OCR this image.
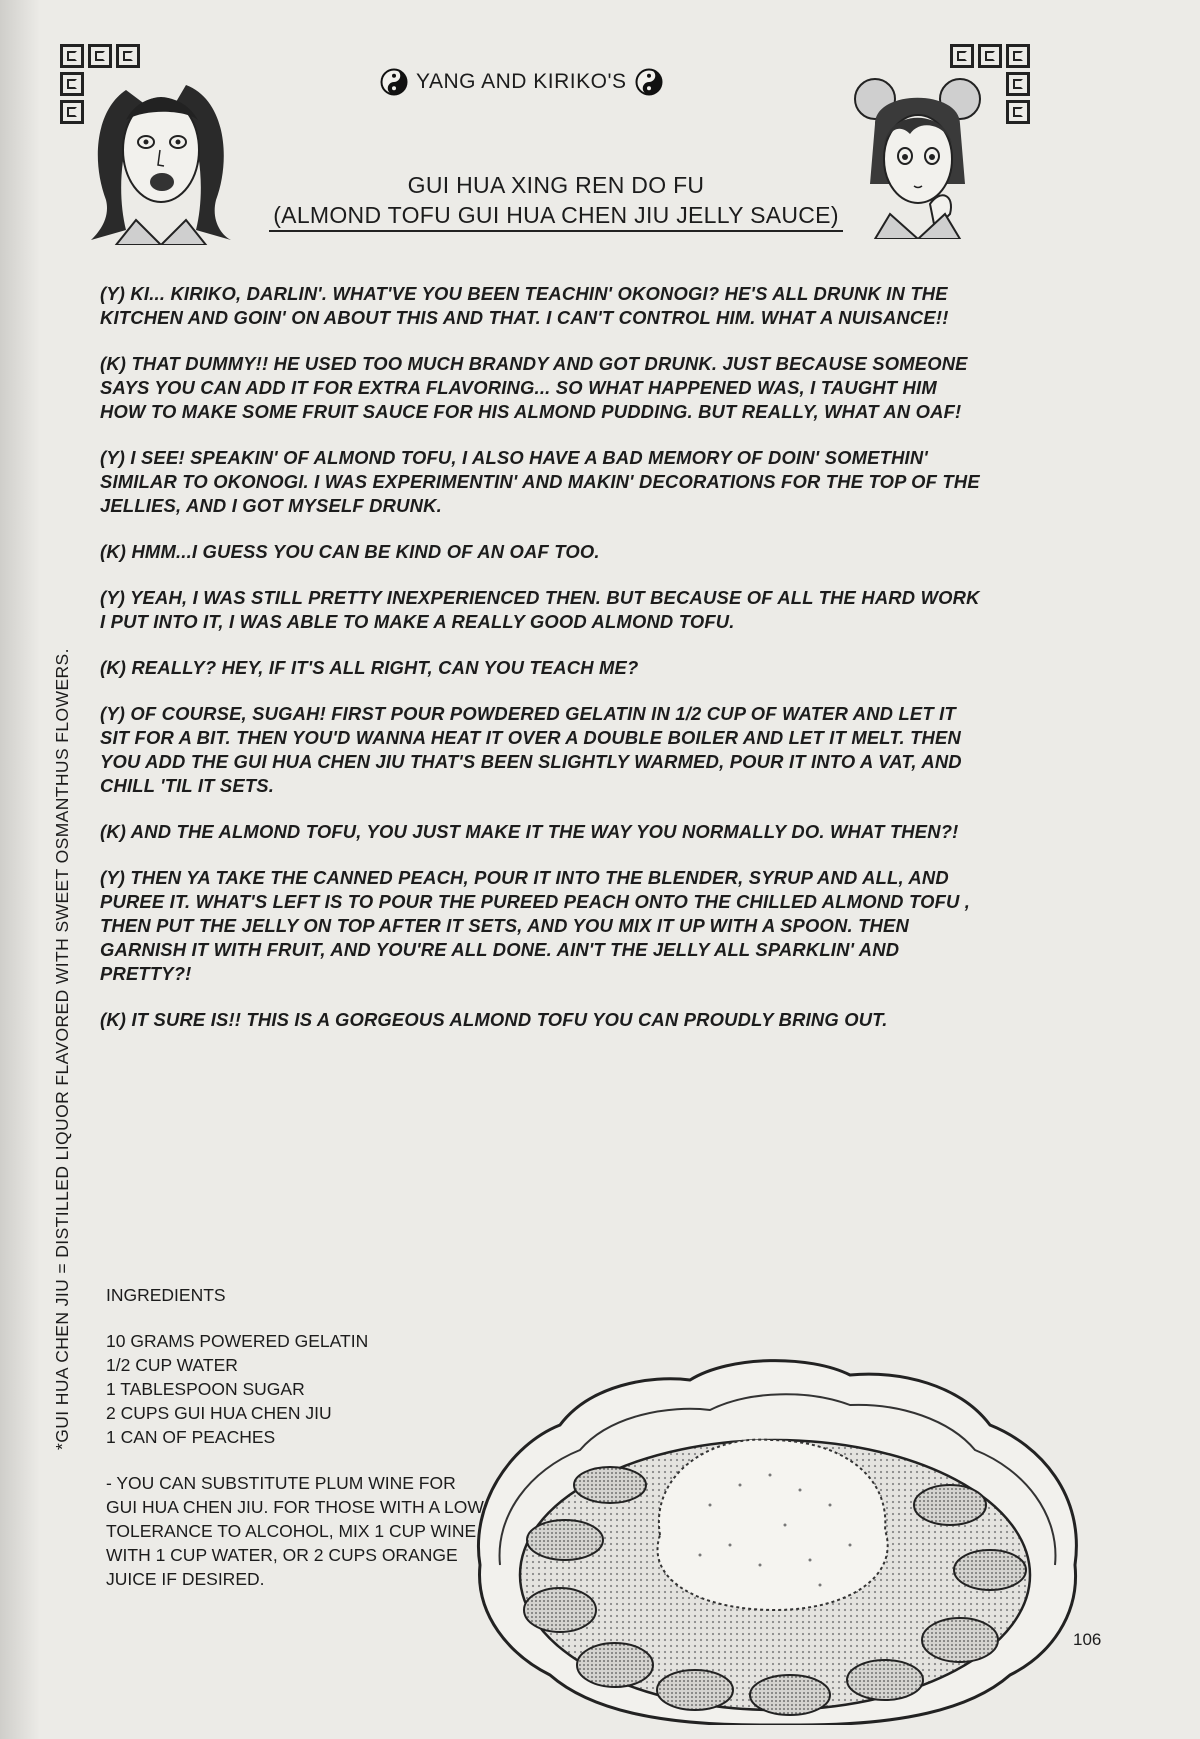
YANG AND KIRIKO'S
GUI HUA XING REN DO FU
(ALMOND TOFU GUI HUA CHEN JIU JELLY SAUCE)

(Y) KI... KIRIKO, DARLIN'. WHAT'VE YOU BEEN TEACHIN' OKONOGI? HE'S ALL DRUNK IN THE KITCHEN AND GOIN' ON ABOUT THIS AND THAT. I CAN'T CONTROL HIM. WHAT A NUISANCE!!

(K) THAT DUMMY!! HE USED TOO MUCH BRANDY AND GOT DRUNK. JUST BECAUSE SOMEONE SAYS YOU CAN ADD IT FOR EXTRA FLAVORING... SO WHAT HAPPENED WAS, I TAUGHT HIM HOW TO MAKE SOME FRUIT SAUCE FOR HIS ALMOND PUDDING. BUT REALLY, WHAT AN OAF!

(Y) I SEE! SPEAKIN' OF ALMOND TOFU, I ALSO HAVE A BAD MEMORY OF DOIN' SOMETHIN' SIMILAR TO OKONOGI. I WAS EXPERIMENTIN' AND MAKIN' DECORATIONS FOR THE TOP OF THE JELLIES, AND I GOT MYSELF DRUNK.

(K) HMM...I GUESS YOU CAN BE KIND OF AN OAF TOO.

(Y) YEAH, I WAS STILL PRETTY INEXPERIENCED THEN. BUT BECAUSE OF ALL THE HARD WORK I PUT INTO IT, I WAS ABLE TO MAKE A REALLY GOOD ALMOND TOFU.

(K) REALLY? HEY, IF IT'S ALL RIGHT, CAN YOU TEACH ME?

(Y) OF COURSE, SUGAH! FIRST POUR POWDERED GELATIN IN 1/2 CUP OF WATER AND LET IT SIT FOR A BIT. THEN YOU'D WANNA HEAT IT OVER A DOUBLE BOILER AND LET IT MELT. THEN YOU ADD THE GUI HUA CHEN JIU THAT'S BEEN SLIGHTLY WARMED, POUR IT INTO A VAT, AND CHILL 'TIL IT SETS.

(K) AND THE ALMOND TOFU, YOU JUST MAKE IT THE WAY YOU NORMALLY DO. WHAT THEN?!

(Y) THEN YA TAKE THE CANNED PEACH, POUR IT INTO THE BLENDER, SYRUP AND ALL, AND PUREE IT. WHAT'S LEFT IS TO POUR THE PUREED PEACH ONTO THE CHILLED ALMOND TOFU , THEN PUT THE JELLY ON TOP AFTER IT SETS, AND YOU MIX IT UP WITH A SPOON. THEN GARNISH IT WITH FRUIT, AND YOU'RE ALL DONE. AIN'T THE JELLY ALL SPARKLIN' AND PRETTY?!

(K) IT SURE IS!! THIS IS A GORGEOUS ALMOND TOFU YOU CAN PROUDLY BRING OUT.

*GUI HUA CHEN JIU = DISTILLED LIQUOR FLAVORED WITH SWEET OSMANTHUS FLOWERS.	INGREDIENTS
10 GRAMS POWERED GELATIN
1/2 CUP WATER
1 TABLESPOON SUGAR
2 CUPS GUI HUA CHEN JIU
1 CAN OF PEACHES
- YOU CAN SUBSTITUTE PLUM WINE FOR GUI HUA CHEN JIU. FOR THOSE WITH A LOW TOLERANCE TO ALCOHOL, MIX 1 CUP WINE WITH 1 CUP WATER, OR 2 CUPS ORANGE JUICE IF DESIRED.
106
